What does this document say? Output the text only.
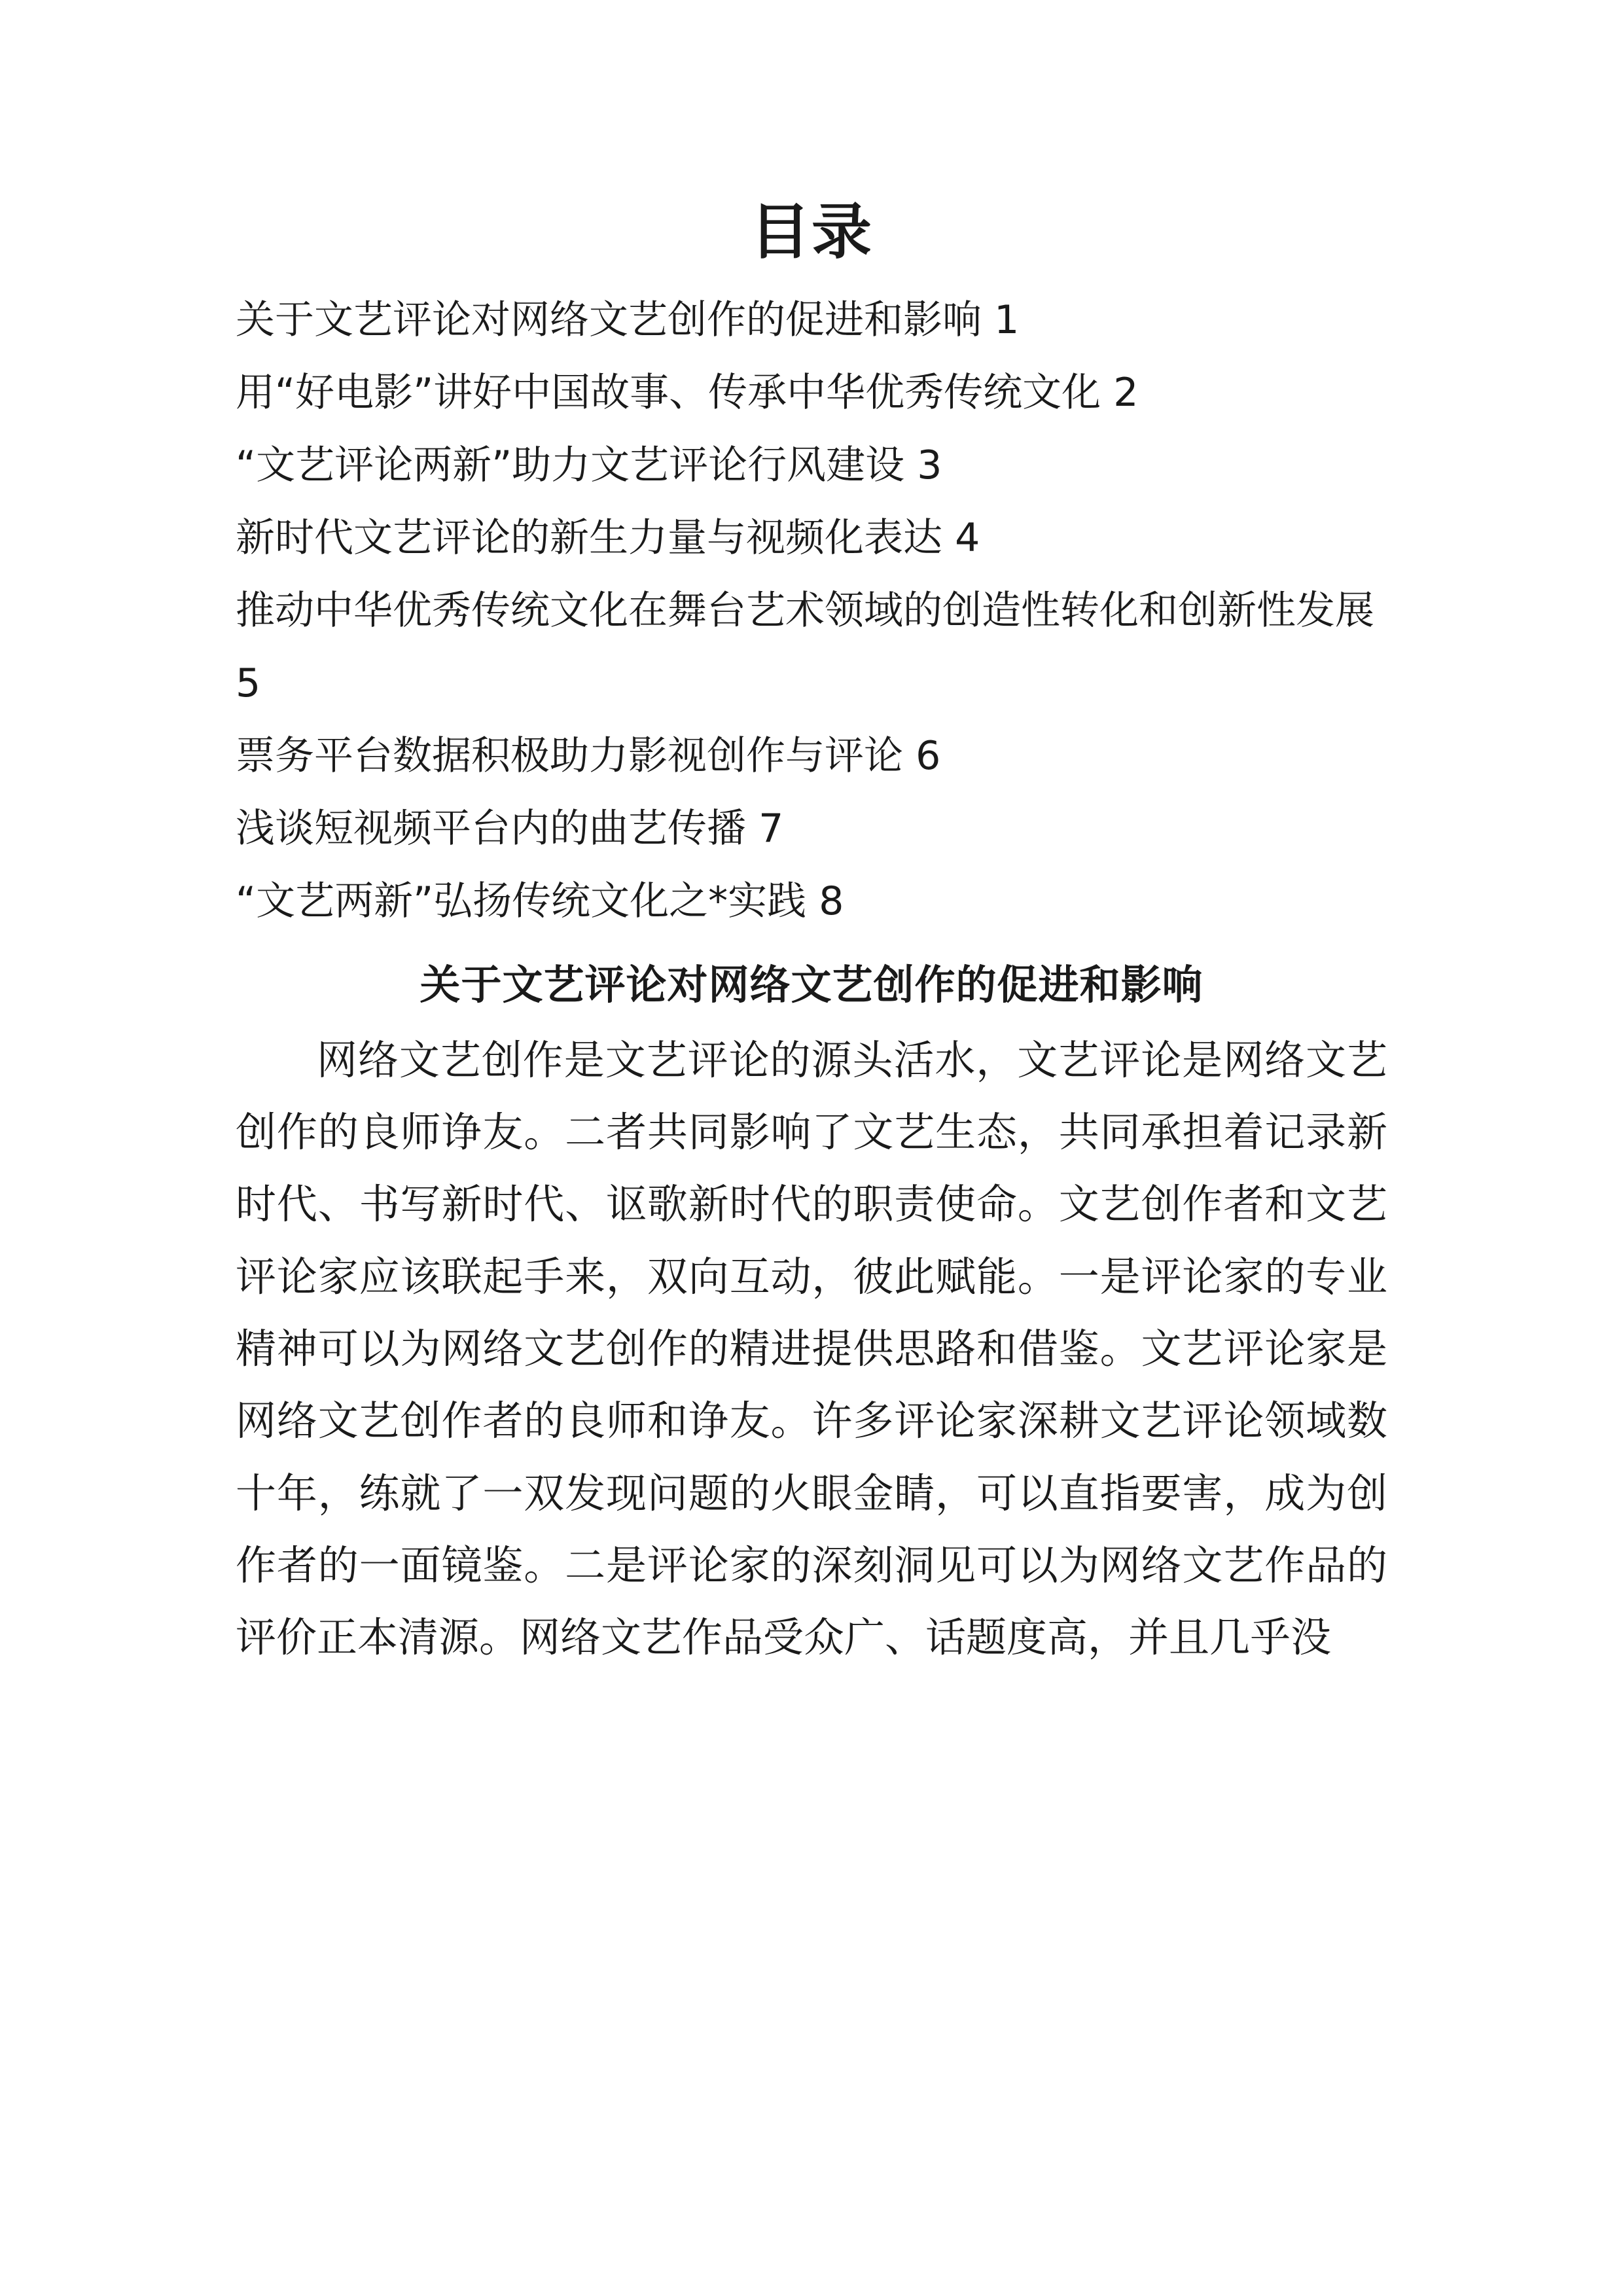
目录
关于文艺评论对网络文艺创作的促进和影响 1
用“好电影”讲好中国故事、传承中华优秀传统文化 2
“文艺评论两新”助力文艺评论行风建设 3
新时代文艺评论的新生力量与视频化表达 4
推动中华优秀传统文化在舞台艺术领域的创造性转化和创新性发展 5
票务平台数据积极助力影视创作与评论 6
浅谈短视频平台内的曲艺传播 7
“文艺两新”弘扬传统文化之*实践 8
关于文艺评论对网络文艺创作的促进和影响

网络文艺创作是文艺评论的源头活水，文艺评论是网络文艺创作的良师诤友。二者共同影响了文艺生态，共同承担着记录新时代、书写新时代、讴歌新时代的职责使命。文艺创作者和文艺评论家应该联起手来，双向互动，彼此赋能。一是评论家的专业精神可以为网络文艺创作的精进提供思路和借鉴。文艺评论家是网络文艺创作者的良师和诤友。许多评论家深耕文艺评论领域数十年，练就了一双发现问题的火眼金睛，可以直指要害，成为创作者的一面镜鉴。二是评论家的深刻洞见可以为网络文艺作品的评价正本清源。网络文艺作品受众广、话题度高，并且几乎没
